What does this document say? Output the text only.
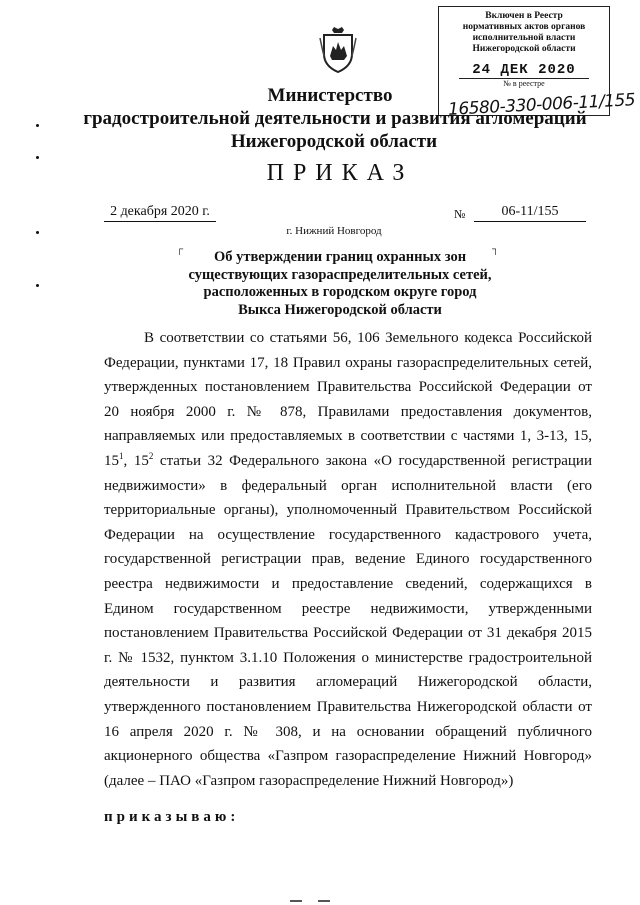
Включен в Реестр
нормативных актов органов
исполнительной власти
Нижегородской области
24 ДЕК 2020
№ в реестре
16580-330-006-11/155
Министерство
градостроительной деятельности и развития агломераций
Нижегородской области
ПРИКАЗ
2 декабря 2020 г.	№	06-11/155
г. Нижний Новгород
┌	┐
Об утверждении границ охранных зон
существующих газораспределительных сетей,
расположенных в городском округе город
Выкса Нижегородской области

В соответствии со статьями 56, 106 Земельного кодекса Российской Федерации, пунктами 17, 18 Правил охраны газораспределительных сетей, утвержденных постановлением Правительства Российской Федерации от 20 ноября 2000 г. № 878, Правилами предоставления документов, направляемых или предоставляемых в соответствии с частями 1, 3-13, 15, $15^1$, $15^2$ статьи 32 Федерального закона «О государственной регистрации недвижимости» в федеральный орган исполнительной власти (его территориальные органы), уполномоченный Правительством Российской Федерации на осуществление государственного кадастрового учета, государственной регистрации прав, ведение Единого государственного реестра недвижимости и предоставление сведений, содержащихся в Едином государственном реестре недвижимости, утвержденными постановлением Правительства Российской Федерации от 31 декабря 2015 г. № 1532, пунктом 3.1.10 Положения о министерстве градостроительной деятельности и развития агломераций Нижегородской области, утвержденного постановлением Правительства Нижегородской области от 16 апреля 2020 г. № 308, и на основании обращений публичного акционерного общества «Газпром газораспределение Нижний Новгород» (далее – ПАО «Газпром газораспределение Нижний Новгород»)

приказываю:
